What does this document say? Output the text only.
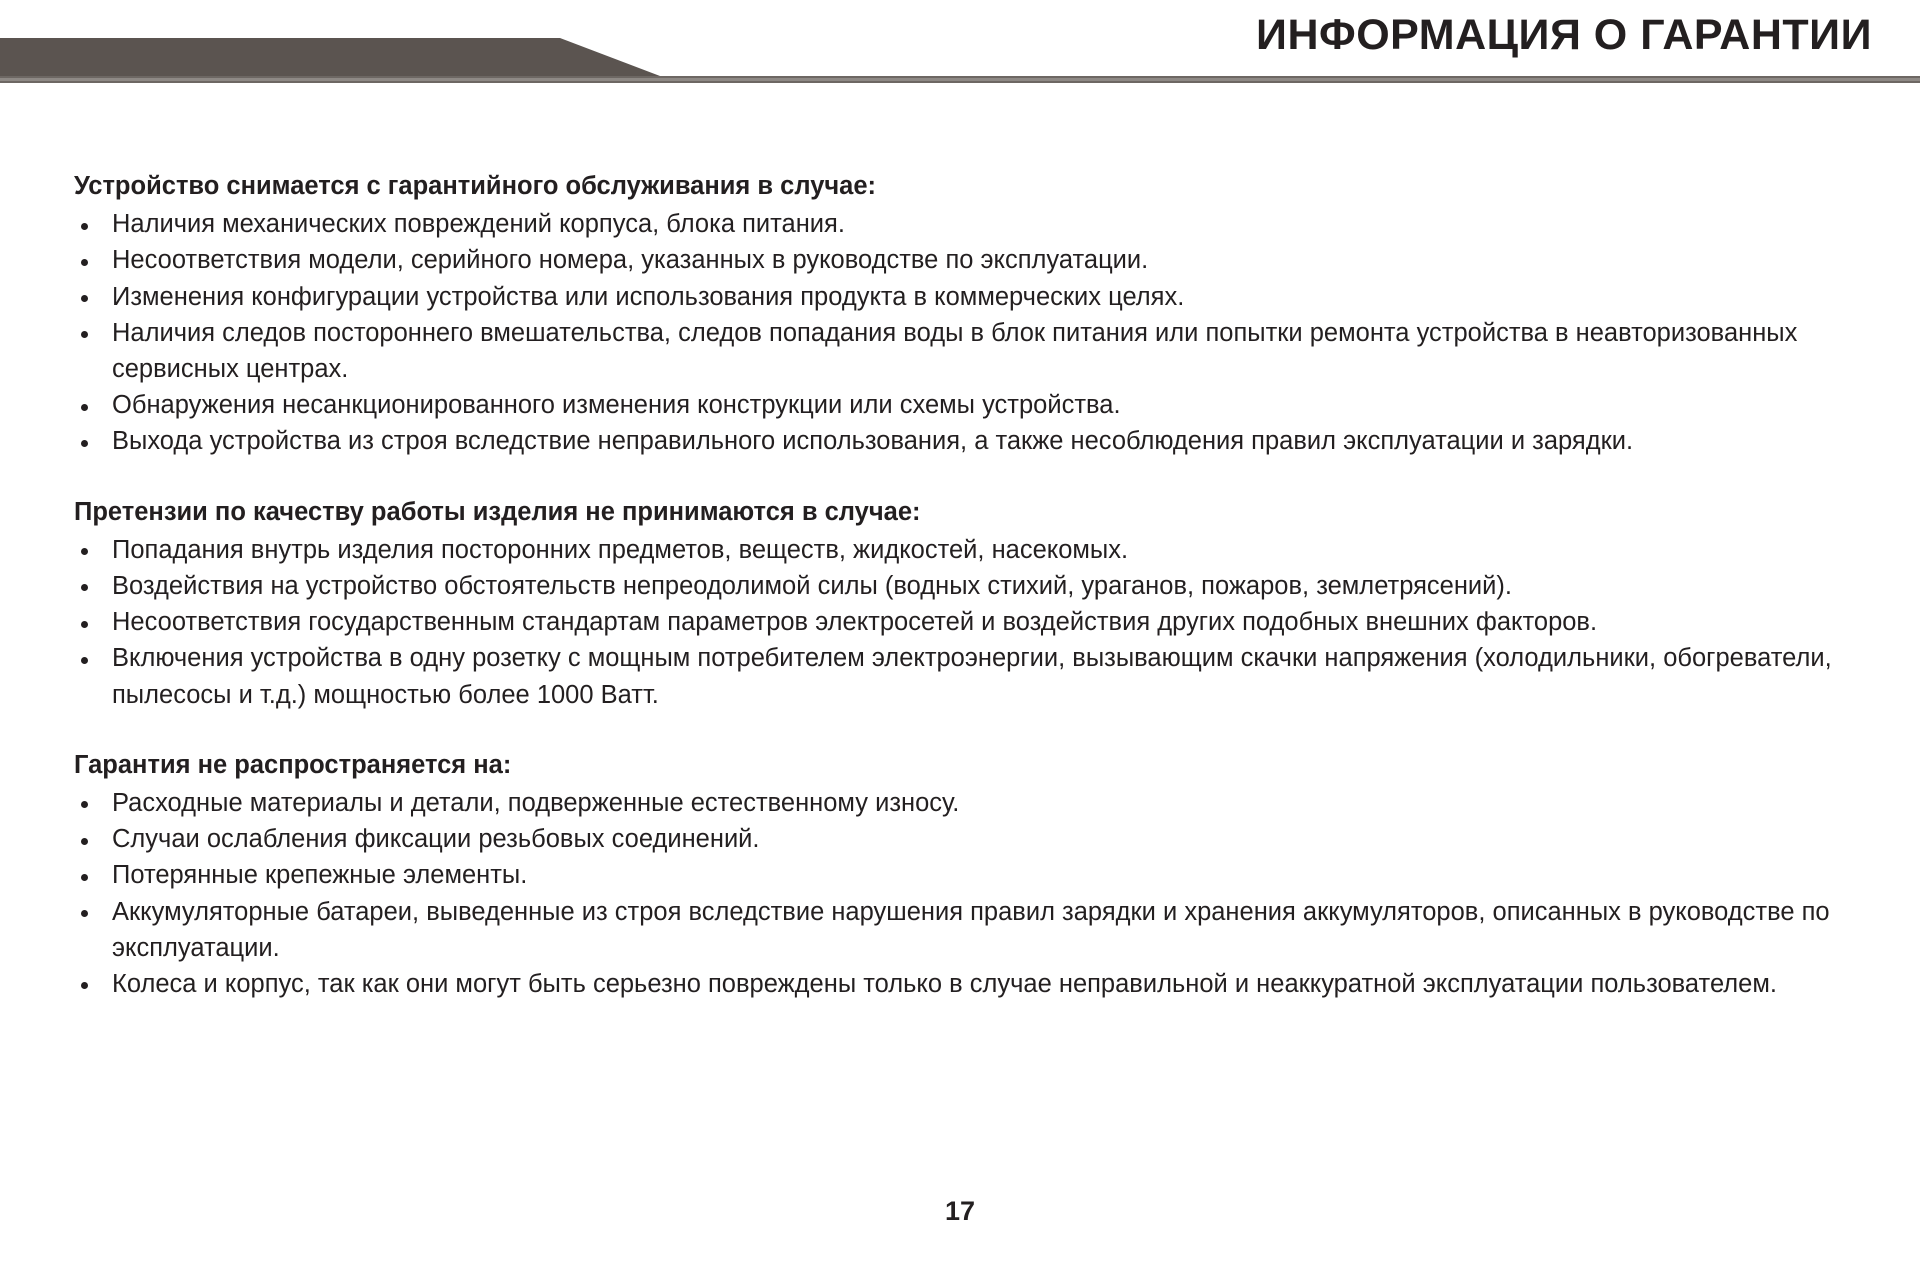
ИНФОРМАЦИЯ О ГАРАНТИИ

Устройство снимается с гарантийного обслуживания в случае:

Наличия механических повреждений корпуса, блока питания.
Несоответствия модели, серийного номера, указанных в руководстве по эксплуатации.
Изменения конфигурации устройства или использования продукта в коммерческих целях.
Наличия следов постороннего вмешательства, следов попадания воды в блок питания или попытки ремонта устройства в неавторизованных сервисных центрах.
Обнаружения несанкционированного изменения конструкции или схемы устройства.
Выхода устройства из строя вследствие неправильного использования, а также несоблюдения правил эксплуатации и зарядки.

Претензии по качеству работы изделия не принимаются в случае:

Попадания внутрь изделия посторонних предметов, веществ, жидкостей, насекомых.
Воздействия на устройство обстоятельств непреодолимой силы (водных стихий, ураганов, пожаров, землетрясений).
Несоответствия государственным стандартам параметров электросетей и воздействия других подобных внешних факторов.
Включения устройства в одну розетку с мощным потребителем электроэнергии, вызывающим скачки напряжения (холодильники, обогреватели, пылесосы и т.д.) мощностью более 1000 Ватт.

Гарантия не распространяется на:

Расходные материалы и детали, подверженные естественному износу.
Случаи ослабления фиксации резьбовых соединений.
Потерянные крепежные элементы.
Аккумуляторные батареи, выведенные из строя вследствие нарушения правил зарядки и хранения аккумуляторов, описанных в руководстве по эксплуатации.
Колеса и корпус, так как они могут быть серьезно повреждены только в случае неправильной и неаккуратной эксплуатации пользователем.
17
